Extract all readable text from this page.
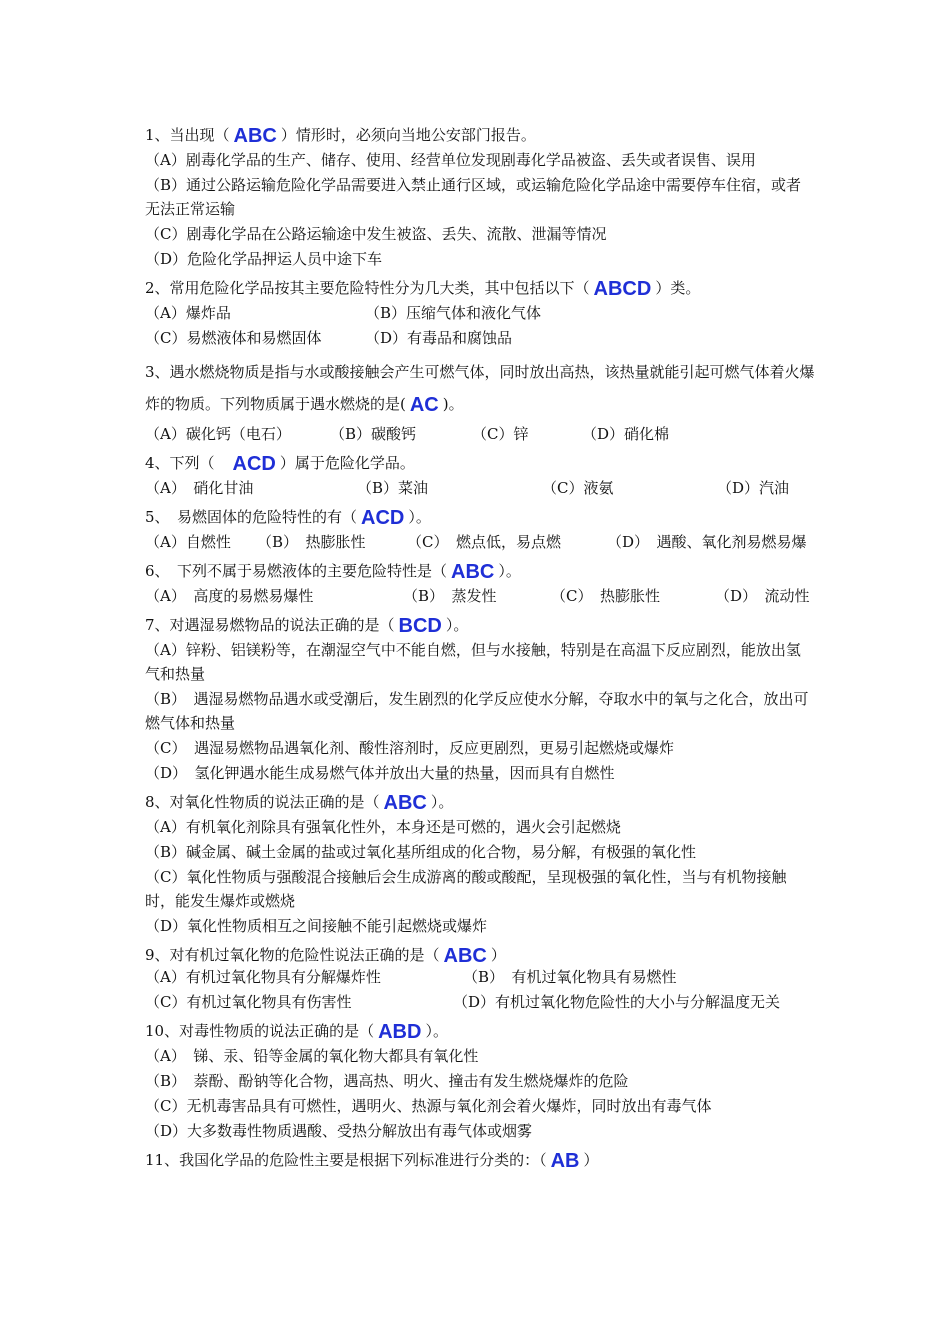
1、当出现（ ABC ）情形时，必须向当地公安部门报告。
（A）剧毒化学品的生产、储存、使用、经营单位发现剧毒化学品被盗、丢失或者误售、误用
（B）通过公路运输危险化学品需要进入禁止通行区域，或运输危险化学品途中需要停车住宿，或者无法正常运输
（C）剧毒化学品在公路运输途中发生被盗、丢失、流散、泄漏等情况
（D）危险化学品押运人员中途下车
2、常用危险化学品按其主要危险特性分为几大类，其中包括以下（ ABCD ）类。
（A）爆炸品	（B）压缩气体和液化气体
（C）易燃液体和易燃固体	（D）有毒品和腐蚀品
3、遇水燃烧物质是指与水或酸接触会产生可燃气体，同时放出高热，该热量就能引起可燃气体着火爆炸的物质。下列物质属于遇水燃烧的是( AC )。
（A）碳化钙（电石）	（B）碳酸钙	（C）锌	（D）硝化棉
4、下列（ ACD ）属于危险化学品。
（A）　硝化甘油	（B）菜油	（C）液氨	（D）汽油
5、　易燃固体的危险特性的有（ ACD ）。
（A）自燃性	（B）　热膨胀性	（C）　燃点低，易点燃	（D）　遇酸、氧化剂易燃易爆
6、　下列不属于易燃液体的主要危险特性是（ ABC ）。
（A）　高度的易燃易爆性	（B）　蒸发性	（C）　热膨胀性	（D）　流动性
7、对遇湿易燃物品的说法正确的是（ BCD ）。
（A）锌粉、铝镁粉等，在潮湿空气中不能自燃，但与水接触，特别是在高温下反应剧烈，能放出氢气和热量
（B）　遇湿易燃物品遇水或受潮后，发生剧烈的化学反应使水分解，夺取水中的氧与之化合，放出可燃气体和热量
（C）　遇湿易燃物品遇氧化剂、酸性溶剂时，反应更剧烈，更易引起燃烧或爆炸
（D）　氢化钾遇水能生成易燃气体并放出大量的热量，因而具有自燃性
8、对氧化性物质的说法正确的是（ ABC ）。
（A）有机氧化剂除具有强氧化性外，本身还是可燃的，遇火会引起燃烧
（B）碱金属、碱土金属的盐或过氧化基所组成的化合物，易分解，有极强的氧化性
（C）氧化性物质与强酸混合接触后会生成游离的酸或酸配，呈现极强的氧化性，当与有机物接触时，能发生爆炸或燃烧
（D）氧化性物质相互之间接触不能引起燃烧或爆炸
9、对有机过氧化物的危险性说法正确的是（ ABC ）
（A）有机过氧化物具有分解爆炸性	（B）　有机过氧化物具有易燃性
（C）有机过氧化物具有伤害性	（D）有机过氧化物危险性的大小与分解温度无关
10、对毒性物质的说法正确的是（ ABD ）。
（A）　锑、汞、铅等金属的氧化物大都具有氧化性
（B）　萘酚、酚钠等化合物，遇高热、明火、撞击有发生燃烧爆炸的危险
（C）无机毒害品具有可燃性，遇明火、热源与氧化剂会着火爆炸，同时放出有毒气体
（D）大多数毒性物质遇酸、受热分解放出有毒气体或烟雾
11、我国化学品的危险性主要是根据下列标准进行分类的：（ AB ）
